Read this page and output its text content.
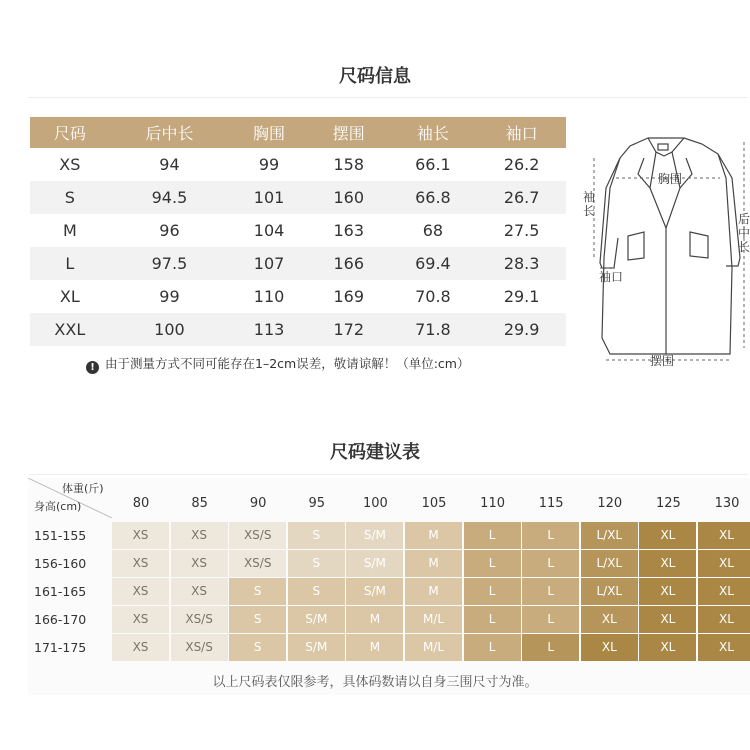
尺码信息
尺码	后中长	胸围	摆围	袖长	袖口
XS	94	99	158	66.1	26.2
S	94.5	101	160	66.8	26.7
M	96	104	163	68	27.5
L	97.5	107	166	69.4	28.3
XL	99	110	169	70.8	29.1
XXL	100	113	172	71.8	29.9
! 由于测量方式不同可能存在1–2cm误差，敬请谅解！（单位:cm）
胸围
袖长
袖口
摆围
后中长
尺码建议表
体重(斤)
身高(cm)	80	85	90	95	100	105	110	115	120	125	130
151-155	XS	XS	XS/S	S	S/M	M	L	L	L/XL	XL	XL
156-160	XS	XS	XS/S	S	S/M	M	L	L	L/XL	XL	XL
161-165	XS	XS	S	S	S/M	M	L	L	L/XL	XL	XL
166-170	XS	XS/S	S	S/M	M	M/L	L	L	XL	XL	XL
171-175	XS	XS/S	S	S/M	M	M/L	L	L	XL	XL	XL
以上尺码表仅限参考，具体码数请以自身三围尺寸为准。
